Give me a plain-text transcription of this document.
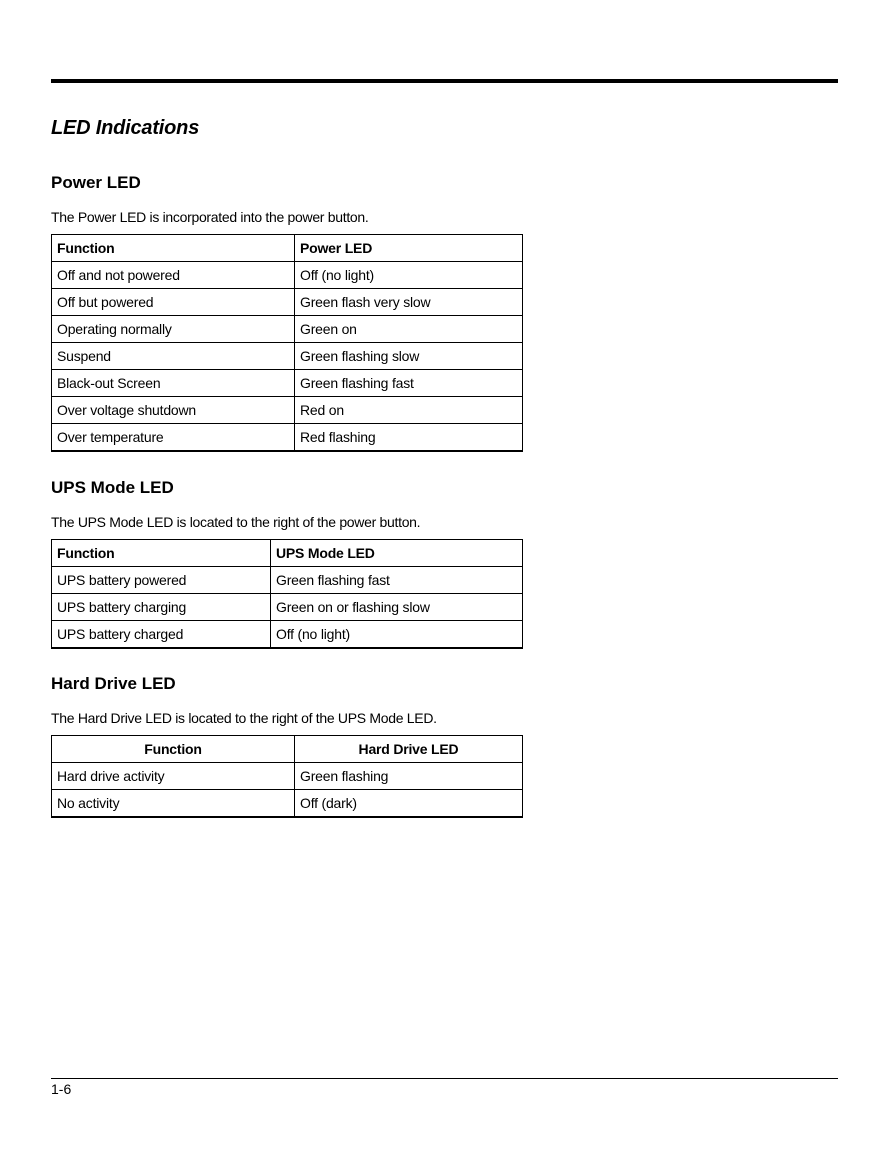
LED Indications
Power LED

The Power LED is incorporated into the power button.

Function	Power LED
Off and not powered	Off (no light)
Off but powered	Green flash very slow
Operating normally	Green on
Suspend	Green flashing slow
Black-out Screen	Green flashing fast
Over voltage shutdown	Red on
Over temperature	Red flashing
UPS Mode LED

The UPS Mode LED is located to the right of the power button.

Function	UPS Mode LED
UPS battery powered	Green flashing fast
UPS battery charging	Green on or flashing slow
UPS battery charged	Off (no light)
Hard Drive LED

The Hard Drive LED is located to the right of the UPS Mode LED.

Function	Hard Drive LED
Hard drive activity	Green flashing
No activity	Off (dark)
1-6
